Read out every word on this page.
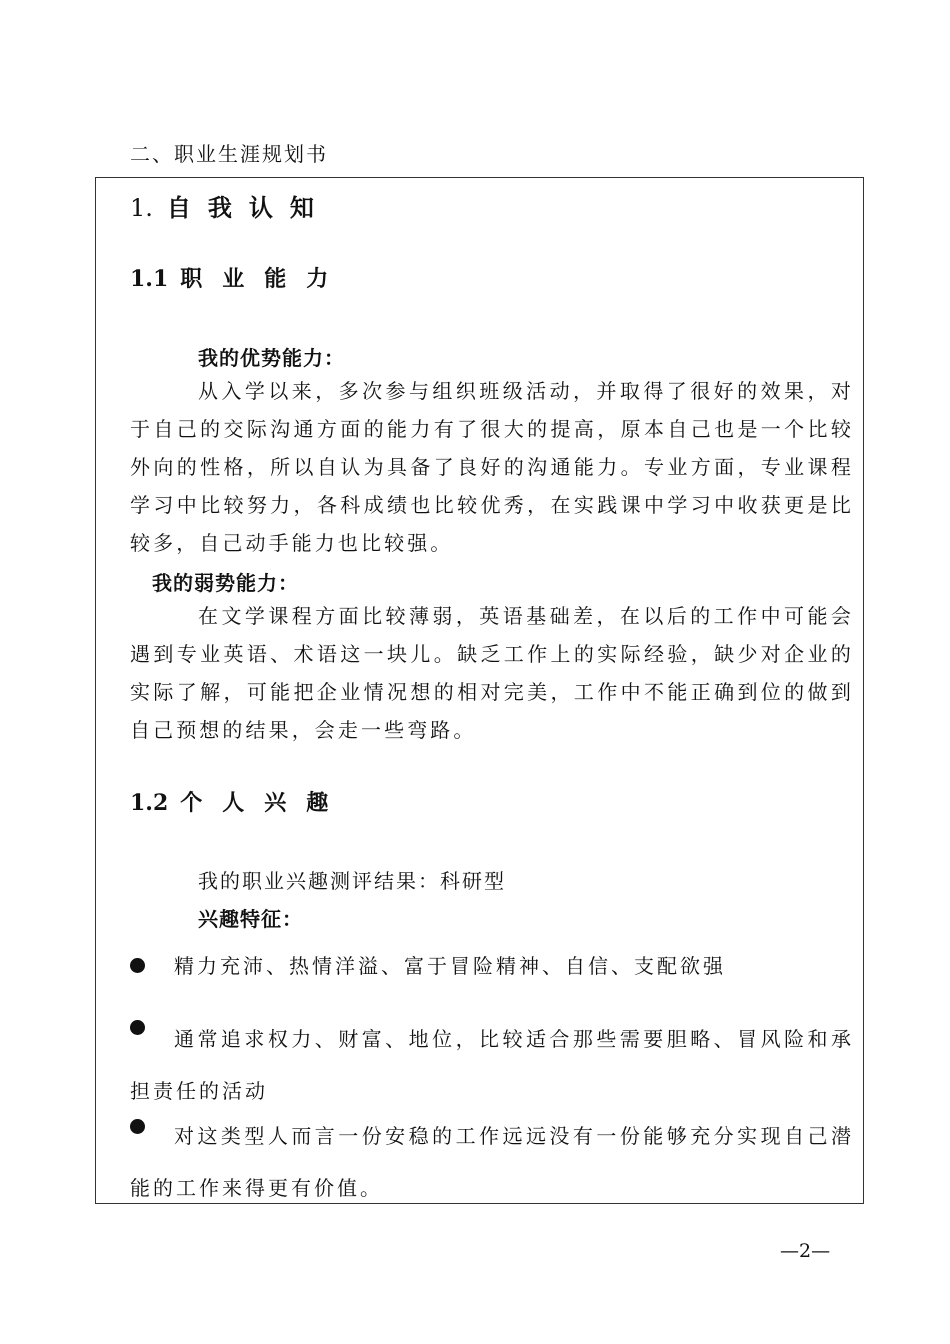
二、职业生涯规划书
1. 自我认知
1.1 职业能力
我的优势能力：
从入学以来，多次参与组织班级活动，并取得了很好的效果，对于自己的交际沟通方面的能力有了很大的提高，原本自己也是一个比较外向的性格，所以自认为具备了良好的沟通能力。专业方面，专业课程学习中比较努力，各科成绩也比较优秀，在实践课中学习中收获更是比较多，自己动手能力也比较强。
我的弱势能力：
在文学课程方面比较薄弱，英语基础差，在以后的工作中可能会遇到专业英语、术语这一块儿。缺乏工作上的实际经验，缺少对企业的实际了解，可能把企业情况想的相对完美，工作中不能正确到位的做到自己预想的结果，会走一些弯路。
1.2 个人兴趣
我的职业兴趣测评结果：科研型
兴趣特征：
精力充沛、热情洋溢、富于冒险精神、自信、支配欲强
通常追求权力、财富、地位，比较适合那些需要胆略、冒风险和承担责任的活动
对这类型人而言一份安稳的工作远远没有一份能够充分实现自己潜能的工作来得更有价值。
—2—
